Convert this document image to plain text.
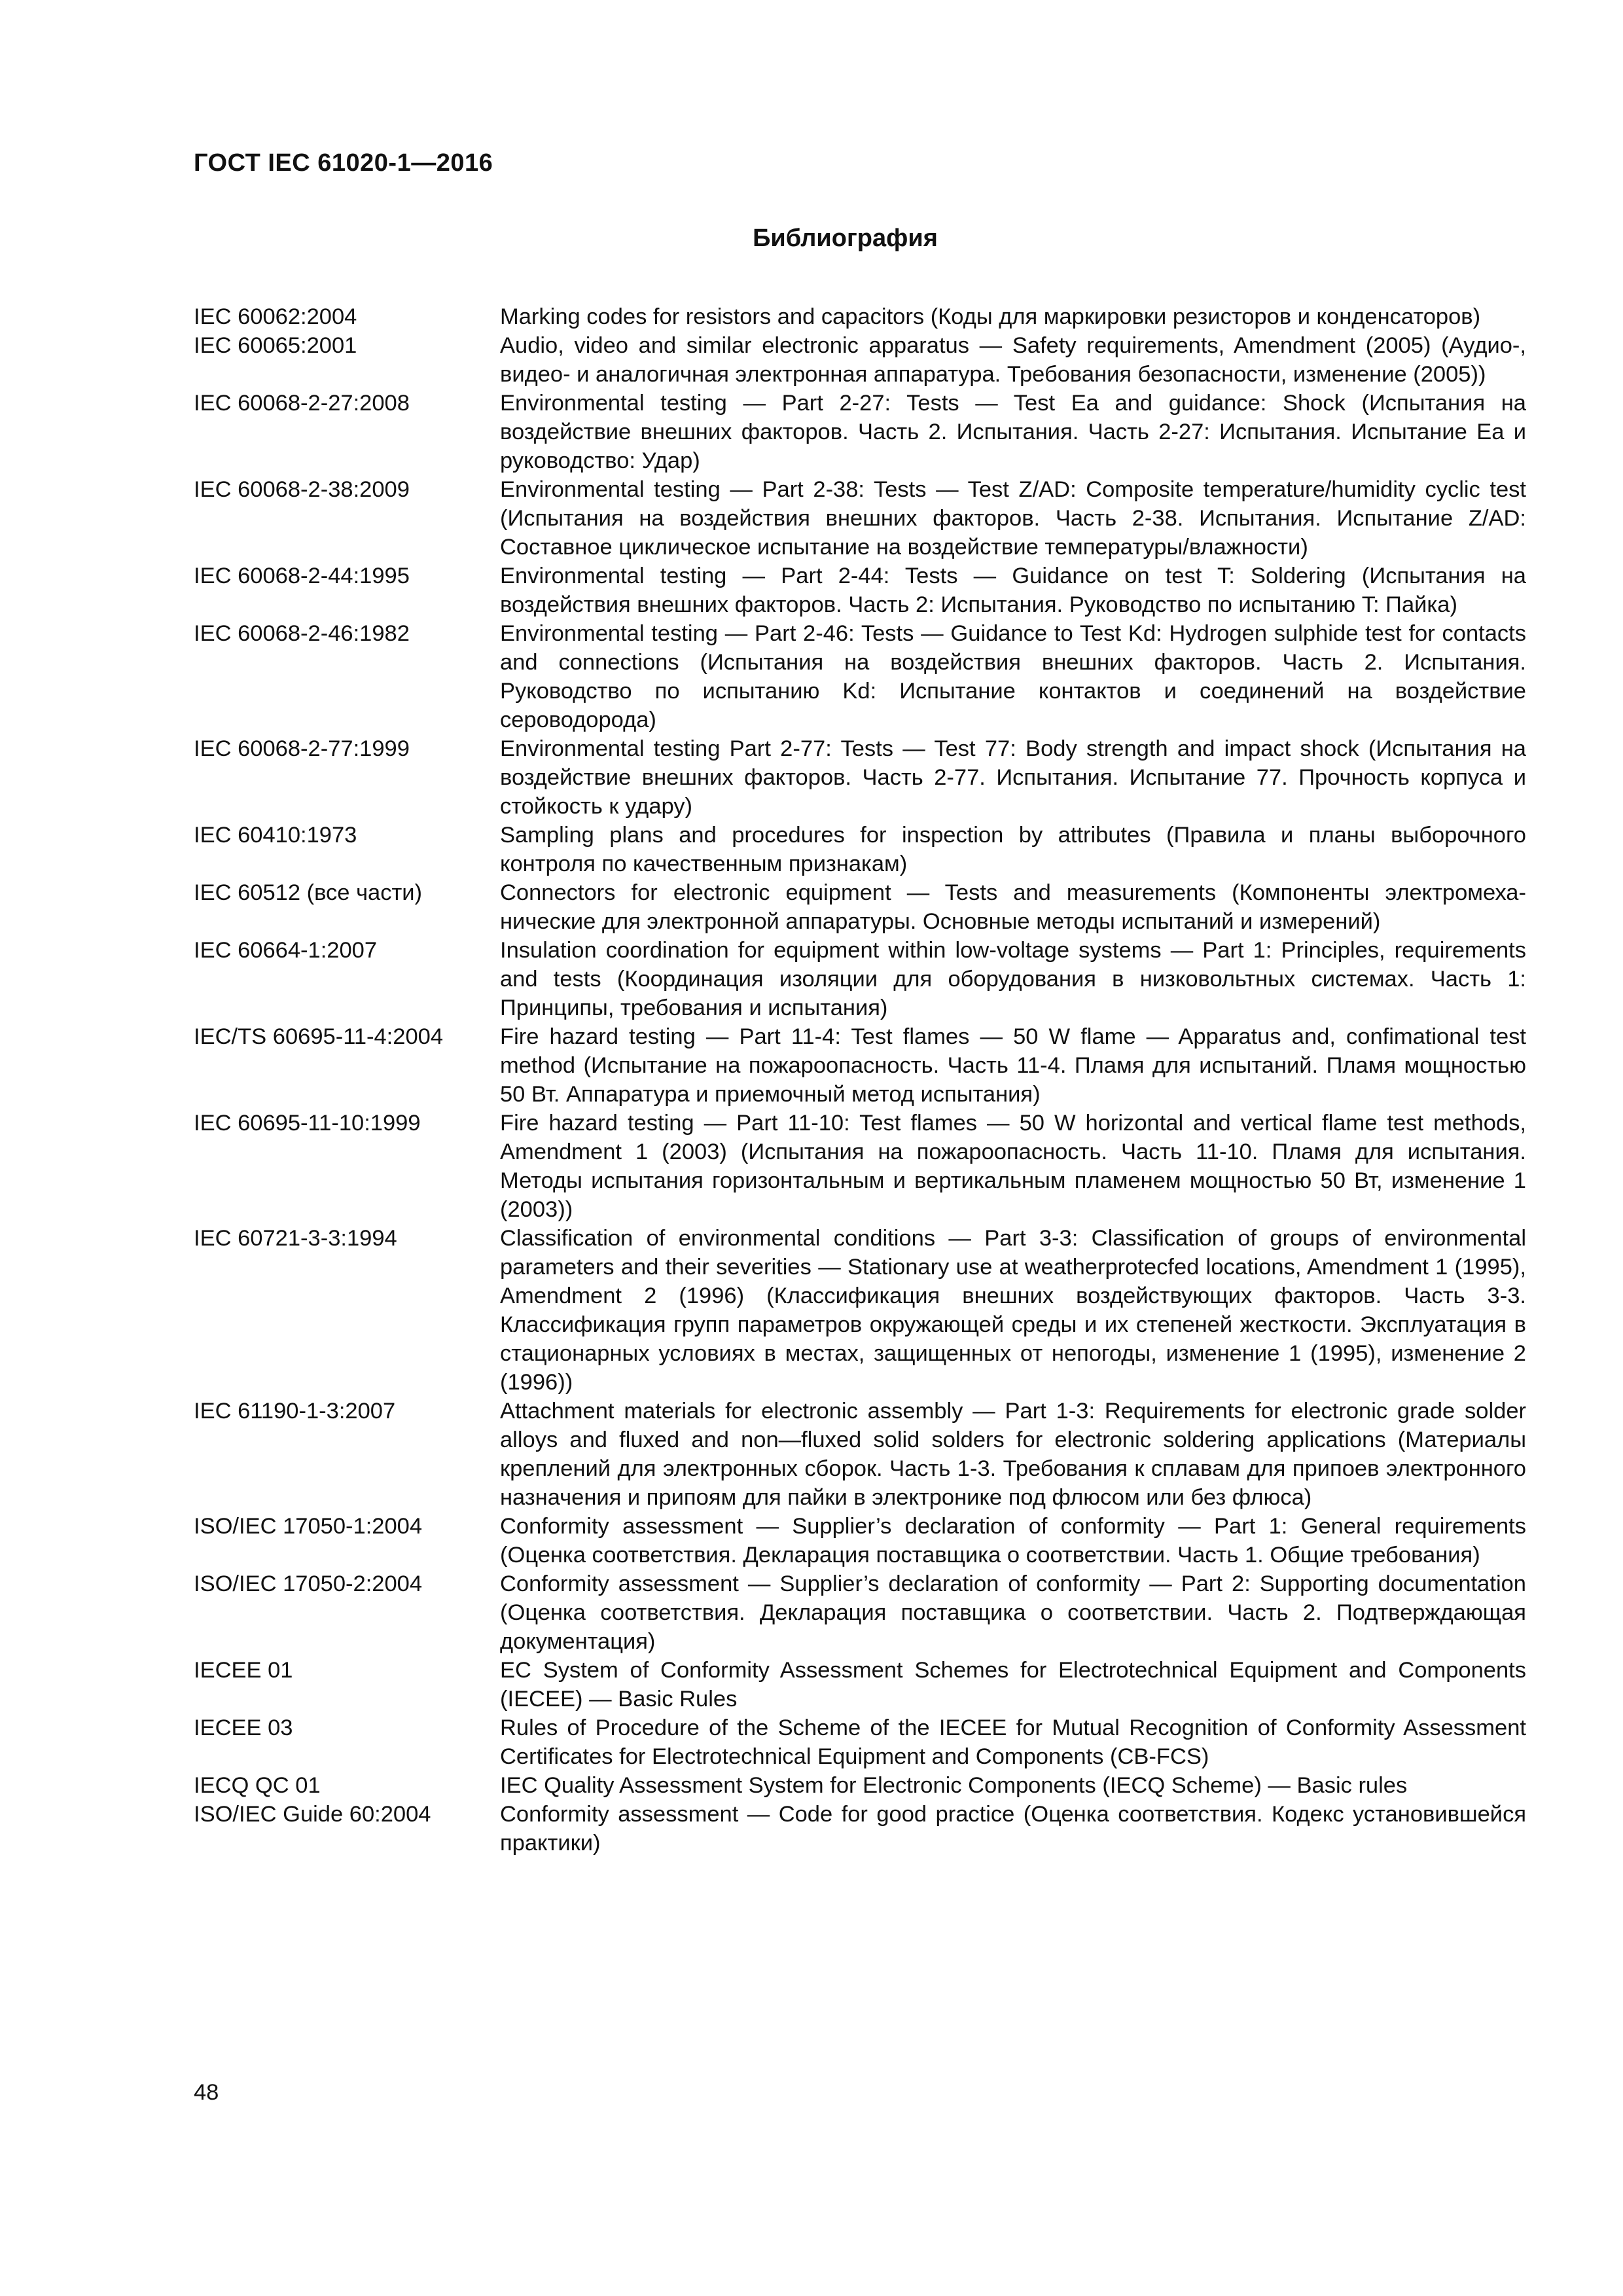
ГОСТ IEC 61020-1—2016
Библиография
IEC 60062:2004	Marking codes for resistors and capacitors (Коды для маркировки резисторов и конденсаторов)
IEC 60065:2001	Audio, video and similar electronic apparatus — Safety requirements, Amendment (2005) (Аудио-, видео- и аналогичная электронная аппаратура. Требования безопасности, изменение (2005))
IEC 60068-2-27:2008	Environmental testing — Part 2-27: Tests — Test Ea and guidance: Shock (Испытания на воздействие внешних факторов. Часть 2. Испытания. Часть 2-27: Испытания. Испытание Ea и руководство: Удар)
IEC 60068-2-38:2009	Environmental testing — Part 2-38: Tests — Test Z/AD: Composite temperature/humidity cyclic test (Испытания на воздействия внешних факторов. Часть 2-38. Испытания. Испытание Z/AD: Составное циклическое испытание на воздействие температуры/влажности)
IEC 60068-2-44:1995	Environmental testing — Part 2-44: Tests — Guidance on test T: Soldering (Испытания на воздействия внешних факторов. Часть 2: Испытания. Руководство по испытанию T: Пайка)
IEC 60068-2-46:1982	Environmental testing — Part 2-46: Tests — Guidance to Test Kd: Hydrogen sulphide test for contacts and connections (Испытания на воздействия внешних факторов. Часть 2. Испытания. Руководство по испытанию Kd: Испытание контактов и соединений на воздействие сероводорода)
IEC 60068-2-77:1999	Environmental testing Part 2-77: Tests — Test 77: Body strength and impact shock (Испытания на воздействие внешних факторов. Часть 2-77. Испытания. Испытание 77. Прочность корпуса и стойкость к удару)
IEC 60410:1973	Sampling plans and procedures for inspection by attributes (Правила и планы выборочного контроля по качественным признакам)
IEC 60512 (все части)	Connectors for electronic equipment — Tests and measurements (Компоненты электромеханические для электронной аппаратуры. Основные методы испытаний и измерений)
IEC 60664-1:2007	Insulation coordination for equipment within low-voltage systems — Part 1: Principles, requirements and tests (Координация изоляции для оборудования в низковольтных системах. Часть 1: Принципы, требования и испытания)
IEC/TS 60695-11-4:2004	Fire hazard testing — Part 11-4: Test flames — 50 W flame — Apparatus and, confimational test method (Испытание на пожароопасность. Часть 11-4. Пламя для испытаний. Пламя мощностью 50 Вт. Аппаратура и приемочный метод испытания)
IEC 60695-11-10:1999	Fire hazard testing — Part 11-10: Test flames — 50 W horizontal and vertical flame test methods, Amendment 1 (2003) (Испытания на пожароопасность. Часть 11-10. Пламя для испытания. Методы испытания горизонтальным и вертикальным пламенем мощностью 50 Вт, изменение 1 (2003))
IEC 60721-3-3:1994	Classification of environmental conditions — Part 3-3: Classification of groups of environmental parameters and their severities — Stationary use at weatherprotecfed locations, Amendment 1 (1995), Amendment 2 (1996) (Классификация внешних воздействующих факторов. Часть 3-3. Классификация групп параметров окружающей среды и их степеней жесткости. Эксплуатация в стационарных условиях в местах, защищенных от непогоды, изменение 1 (1995), изменение 2 (1996))
IEC 61190-1-3:2007	Attachment materials for electronic assembly — Part 1-3: Requirements for electronic grade solder alloys and fluxed and non—fluxed solid solders for electronic soldering applications (Материалы креплений для электронных сборок. Часть 1-3. Требования к сплавам для припоев электронного назначения и припоям для пайки в электронике под флюсом или без флюса)
ISO/IEC 17050-1:2004	Conformity assessment — Supplier’s declaration of conformity — Part 1: General requirements (Оценка соответствия. Декларация поставщика о соответствии. Часть 1. Общие требования)
ISO/IEC 17050-2:2004	Conformity assessment — Supplier’s declaration of conformity — Part 2: Supporting documentation (Оценка соответствия. Декларация поставщика о соответствии. Часть 2. Подтверждающая документация)
IECEE 01	EC System of Conformity Assessment Schemes for Electrotechnical Equipment and Components (IECEE) — Basic Rules
IECEE 03	Rules of Procedure of the Scheme of the IECEE for Mutual Recognition of Conformity Assessment Certificates for Electrotechnical Equipment and Components (CB-FCS)
IECQ QC 01	IEC Quality Assessment System for Electronic Components (IECQ Scheme) — Basic rules
ISO/IEC Guide 60:2004	Conformity assessment — Code for good practice (Оценка соответствия. Кодекс установившейся практики)
48
